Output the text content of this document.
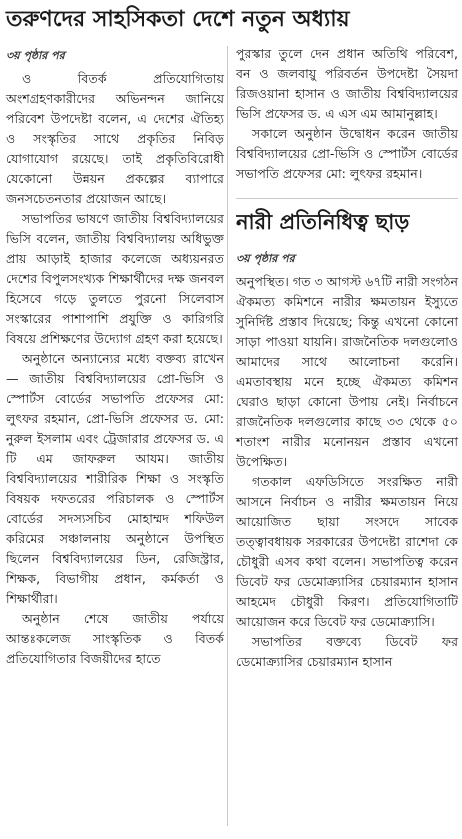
তরুণদের সাহসিকতা দেশে নতুন অধ্যায়
৩য় পৃষ্ঠার পর

ও বিতর্ক প্রতিযোগিতায় অংশগ্রহণকারীদের অভিনন্দন জানিয়ে পরিবেশ উপদেষ্টা বলেন, এ দেশের ঐতিহ্য ও সংস্কৃতির সাথে প্রকৃতির নিবিড় যোগাযোগ রয়েছে। তাই প্রকৃতিবিরোধী যেকোনো উন্নয়ন প্রকল্পের ব্যাপারে জনসচেতনতার প্রয়োজন আছে।

সভাপতির ভাষণে জাতীয় বিশ্ববিদ্যালয়ের ভিসি বলেন, জাতীয় বিশ্ববিদ্যালয় অধিভুক্ত প্রায় আড়াই হাজার কলেজে অধ্যয়নরত দেশের বিপুলসংখ্যক শিক্ষার্থীদের দক্ষ জনবল হিসেবে গড়ে তুলতে পুরনো সিলেবাস সংস্কারের পাশাপাশি প্রযুক্তি ও কারিগরি বিষয়ে প্রশিক্ষণের উদ্যোগ গ্রহণ করা হয়েছে।

অনুষ্ঠানে অন্যান্যের মধ্যে বক্তব্য রাখেন— জাতীয় বিশ্ববিদ্যালয়ের প্রো-ভিসি ও স্পোর্টস বোর্ডের সভাপতি প্রফেসর মো: লুৎফর রহমান, প্রো-ভিসি প্রফেসর ড. মো: নুরুল ইসলাম এবং ট্রেজারার প্রফেসর ড. এ টি এম জাফরুল আযম। জাতীয় বিশ্ববিদ্যালয়ের শারীরিক শিক্ষা ও সংস্কৃতি বিষয়ক দফতরের পরিচালক ও স্পোর্টস বোর্ডের সদস্যসচিব মোহাম্মদ শফিউল করিমের সঞ্চালনায় অনুষ্ঠানে উপস্থিত ছিলেন বিশ্ববিদ্যালয়ের ডিন, রেজিস্ট্রার, শিক্ষক, বিভাগীয় প্রধান, কর্মকর্তা ও শিক্ষার্থীরা।

অনুষ্ঠান শেষে জাতীয় পর্যায়ে আন্তঃকলেজ সাংস্কৃতিক ও বিতর্ক প্রতিযোগিতার বিজয়ীদের হাতে

পুরস্কার তুলে দেন প্রধান অতিথি পরিবেশ, বন ও জলবায়ু পরিবর্তন উপদেষ্টা সৈয়দা রিজওয়ানা হাসান ও জাতীয় বিশ্ববিদ্যালয়ের ভিসি প্রফেসর ড. এ এস এম আমানুল্লাহ।

সকালে অনুষ্ঠান উদ্বোধন করেন জাতীয় বিশ্ববিদ্যালয়ের প্রো-ভিসি ও স্পোর্টস বোর্ডের সভাপতি প্রফেসর মো: লুৎফর রহমান।

নারী প্রতিনিধিত্ব ছাড়
৩য় পৃষ্ঠার পর

অনুপস্থিত। গত ৩ আগস্ট ৬৭টি নারী সংগঠন ঐকমত্য কমিশনে নারীর ক্ষমতায়ন ইস্যুতে সুনির্দিষ্ট প্রস্তাব দিয়েছে; কিন্তু এখনো কোনো সাড়া পাওয়া যায়নি। রাজনৈতিক দলগুলোও আমাদের সাথে আলোচনা করেনি। এমতাবস্থায় মনে হচ্ছে ঐকমত্য কমিশন ঘেরাও ছাড়া কোনো উপায় নেই। নির্বাচনে রাজনৈতিক দলগুলোর কাছে ৩৩ থেকে ৫০ শতাংশ নারীর মনোনয়ন প্রস্তাব এখনো উপেক্ষিত।

গতকাল এফডিসিতে সংরক্ষিত নারী আসনে নির্বাচন ও নারীর ক্ষমতায়ন নিয়ে আয়োজিত ছায়া সংসদে সাবেক তত্ত্বাবধায়ক সরকারের উপদেষ্টা রাশেদা কে চৌধুরী এসব কথা বলেন। সভাপতিত্ব করেন ডিবেট ফর ডেমোক্র্যাসির চেয়ারম্যান হাসান আহমেদ চৌধুরী কিরণ। প্রতিযোগিতাটি আয়োজন করে ডিবেট ফর ডেমোক্র্যাসি।

সভাপতির বক্তব্যে ডিবেট ফর ডেমোক্র্যাসির চেয়ারম্যান হাসান
